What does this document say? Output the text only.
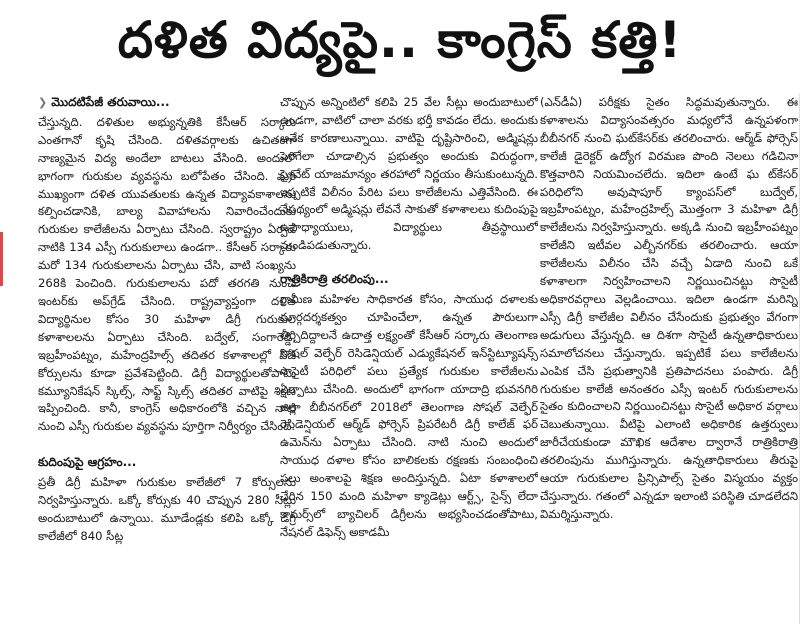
దళిత విద్యపై.. కాంగ్రెస్ కత్తి!
❯ మొదటిపేజీ తరువాయి...

చేస్తున్నది. దళితుల అభ్యున్నతికి కేసీఆర్ సర్కారు ఎంతగానో కృషి చేసింది. దళితవర్గాలకు ఉచితంగా నాణ్యమైన విద్య అందేలా బాటలు వేసింది. అందులో భాగంగా గురుకుల వ్యవస్థను బలోపేతం చేసింది. మరీ ముఖ్యంగా దళిత యువతులకు ఉన్నత విద్యావకాశాలను కల్పించడానికి, బాల్య వివాహాలను నివారించేందుకు గురుకుల కాలేజీలను ఏర్పాటు చేసింది. స్వరాష్ట్రం ఏర్పడే నాటికి 134 ఎస్సీ గురుకులాలు ఉండగా.. కేసీఆర్ సర్కారు మరో 134 గురుకులాలను ఏర్పాటు చేసి, వాటి సంఖ్యను 268కి పెంచింది. గురుకులాలను పదో తరగతి నుంచి ఇంటర్‌కు అప్‌గ్రేడ్ చేసింది. రాష్ట్రవ్యాప్తంగా దళిత విద్యార్థినుల కోసం 30 మహిళా డిగ్రీ గురుకుల కళాశాలలను ఏర్పాటు చేసింది. బద్వేల్, సంగారెడ్డి, ఇబ్రహీంపట్నం, మహేంద్రహిల్స్ తదితర కళాశాలల్లో పీజీ కోర్సులను కూడా ప్రవేశపెట్టింది. డిగ్రీ విద్యార్థులతోపాటు కమ్యూనికేషన్ స్కిల్స్, సాఫ్ట్ స్కిల్స్ తదితర వాటిపై శిక్షణ ఇప్పించింది. కానీ, కాంగ్రెస్ అధికారంలోకి వచ్చిన నాటి నుంచి ఎస్సీ గురుకుల వ్యవస్థను పూర్తిగా నిర్వీర్యం చేసింది.

కుదింపుపై ఆగ్రహం...

ప్రతీ డిగ్రీ మహిళా గురుకుల కాలేజీలో 7 కోర్సులను నిర్వహిస్తున్నారు. ఒక్కో కోర్సుకు 40 చొప్పున 280 సీట్లు అందుబాటులో ఉన్నాయి. మూడేండ్లకు కలిపి ఒక్కో డిగ్రీ కాలేజీలో 840 సీట్ల

చొప్పున అన్నింటిలో కలిపి 25 వేల సీట్లు అందుబాటులో ఉండగా, వాటిలో చాలా వరకు భర్తీ కావడం లేదు. అందుకు అనేక కారణాలున్నాయి. వాటిపై దృష్టిసారించి, అడ్మిషన్లు పెరిగేలా చూడాల్సిన ప్రభుత్వం అందుకు విరుద్ధంగా, ప్రైవేట్ యాజమాన్యం తరహాలో నిర్ణయం తీసుకుంటున్నది. ఇప్పటికే విలీనం పేరిట పలు కాలేజీలను ఎత్తివేసింది. ఈ నేపథ్యంలో అడ్మిషన్లు లేవనే సాకుతో కళాశాలలు కుదింపుపై ఉపాధ్యాయులు, విద్యార్థులు తీవ్రస్థాయిలో మండిపడుతున్నారు.

రాత్రికిరాత్రి తరలింపు...

గ్రామీణ మహిళల సాధికారత కోసం, సాయుధ దళాలకు మార్గదర్శకత్వం చూపించేలా, ఉన్నత పౌరులుగా తీర్చిదిద్దాలనే ఉదాత్త లక్ష్యంతో కేసీఆర్ సర్కారు తెలంగాణ సోషల్ వెల్ఫేర్ రెసిడెన్షియల్ ఎడ్యుకేషనల్ ఇన్‌స్టిట్యూషన్స్ సొసైటీ పరిధిలో పలు ప్రత్యేక గురుకుల కాలేజీలను ఏర్పాటు చేసింది. అందులో భాగంగా యాదాద్రి భువనగిరి జిల్లా బీబీనగర్‌లో 2018లో తెలంగాణ సోషల్ వెల్ఫేర్ రెసిడెన్షియల్ ఆర్మ్‌డ్ ఫోర్సెస్ ప్రిపరేటరీ డిగ్రీ కాలేజ్ ఫర్ ఉమెన్‌ను ఏర్పాటు చేసింది. నాటి నుంచి అందులో సాయుధ దళాల కోసం బాలికలకు రక్షణకు సంబంధించి పలు అంశాలపై శిక్షణ అందిస్తున్నది. ఏటా కళాశాలలో చేరిన 150 మంది మహిళా క్యాడెట్లు ఆర్ట్స్, సైన్స్ లేదా కామర్స్‌లో బ్యాచిలర్ డిగ్రీలను అభ్యసించడంతోపాటు, నేషనల్ డిఫెన్స్ అకాడమీ

(ఎన్‌డీఏ) పరీక్షకు సైతం సిద్ధమవుతున్నారు. ఈ కళాశాలను విద్యాసంవత్సరం మధ్యలోనే ఉన్నపళంగా బీబీనగర్ నుంచి ఘట్‌కేసర్‌కు తరలించారు. ఆర్మ్‌డ్ ఫోర్సెస్ కాలేజీ డైరెక్టర్ ఉద్యోగ విరమణ పొంది నెలలు గడిచినా కొత్తవారిని నియమించలేదు. ఇదిలా ఉంటే ఘ ట్‌కేసర్ పరిధిలోని అవుషాపూర్ క్యాంపస్‌లో బుద్వేల్, ఇబ్రహీంపట్నం, మహేంద్రహిల్స్ మొత్తంగా 3 మహిళా డిగ్రీ కాలేజీలను నిర్వహిస్తున్నారు. అక్కడి నుంచి ఇబ్రహీంపట్నం కాలేజీని ఇటీవల ఎల్బీనగర్‌కు తరలించారు. ఆయా కాలేజీలను విలీనం చేసి వచ్చే ఏడాది నుంచి ఒకే కళాశాలగా నిర్వహించాలని నిర్ణయించినట్టు సొసైటీ అధికారవర్గాలు వెల్లడించాయి. ఇదిలా ఉండగా మరిన్ని ఎస్సీ డిగ్రీ కాలేజీల విలీనం చేసేందుకు ప్రభుత్వం వేగంగా అడుగులు వేస్తున్నది. ఆ దిశగా సొసైటీ ఉన్నతాధికారులు సమాలోచనలు చేస్తున్నారు. ఇప్పటికే పలు కాలేజీలను ఎంపిక చేసి ప్రభుత్వానికి ప్రతిపాదనలు పంపారు. డిగ్రీ గురుకుల కాలేజీ అనంతరం ఎస్సీ ఇంటర్ గురుకులాలను సైతం కుదించాలని నిర్ణయించినట్టు సొసైటీ అధికార వర్గాలు చెబుతున్నాయి. వీటిపై ఎలాంటి అధికారిక ఉత్తర్వులు జారీచేయకుండా మౌఖిక ఆదేశాల ద్వారానే రాత్రికిరాత్రి తరలింపును ముగిస్తున్నారు. ఉన్నతాధికారులు తీరుపై ఆయా గురుకులాల ప్రిన్సిపాల్స్ సైతం విస్మయం వ్యక్తం చేస్తున్నారు. గతంలో ఎన్నడూ ఇలాంటి పరిస్థితి చూడలేదని విమర్శిస్తున్నారు.
